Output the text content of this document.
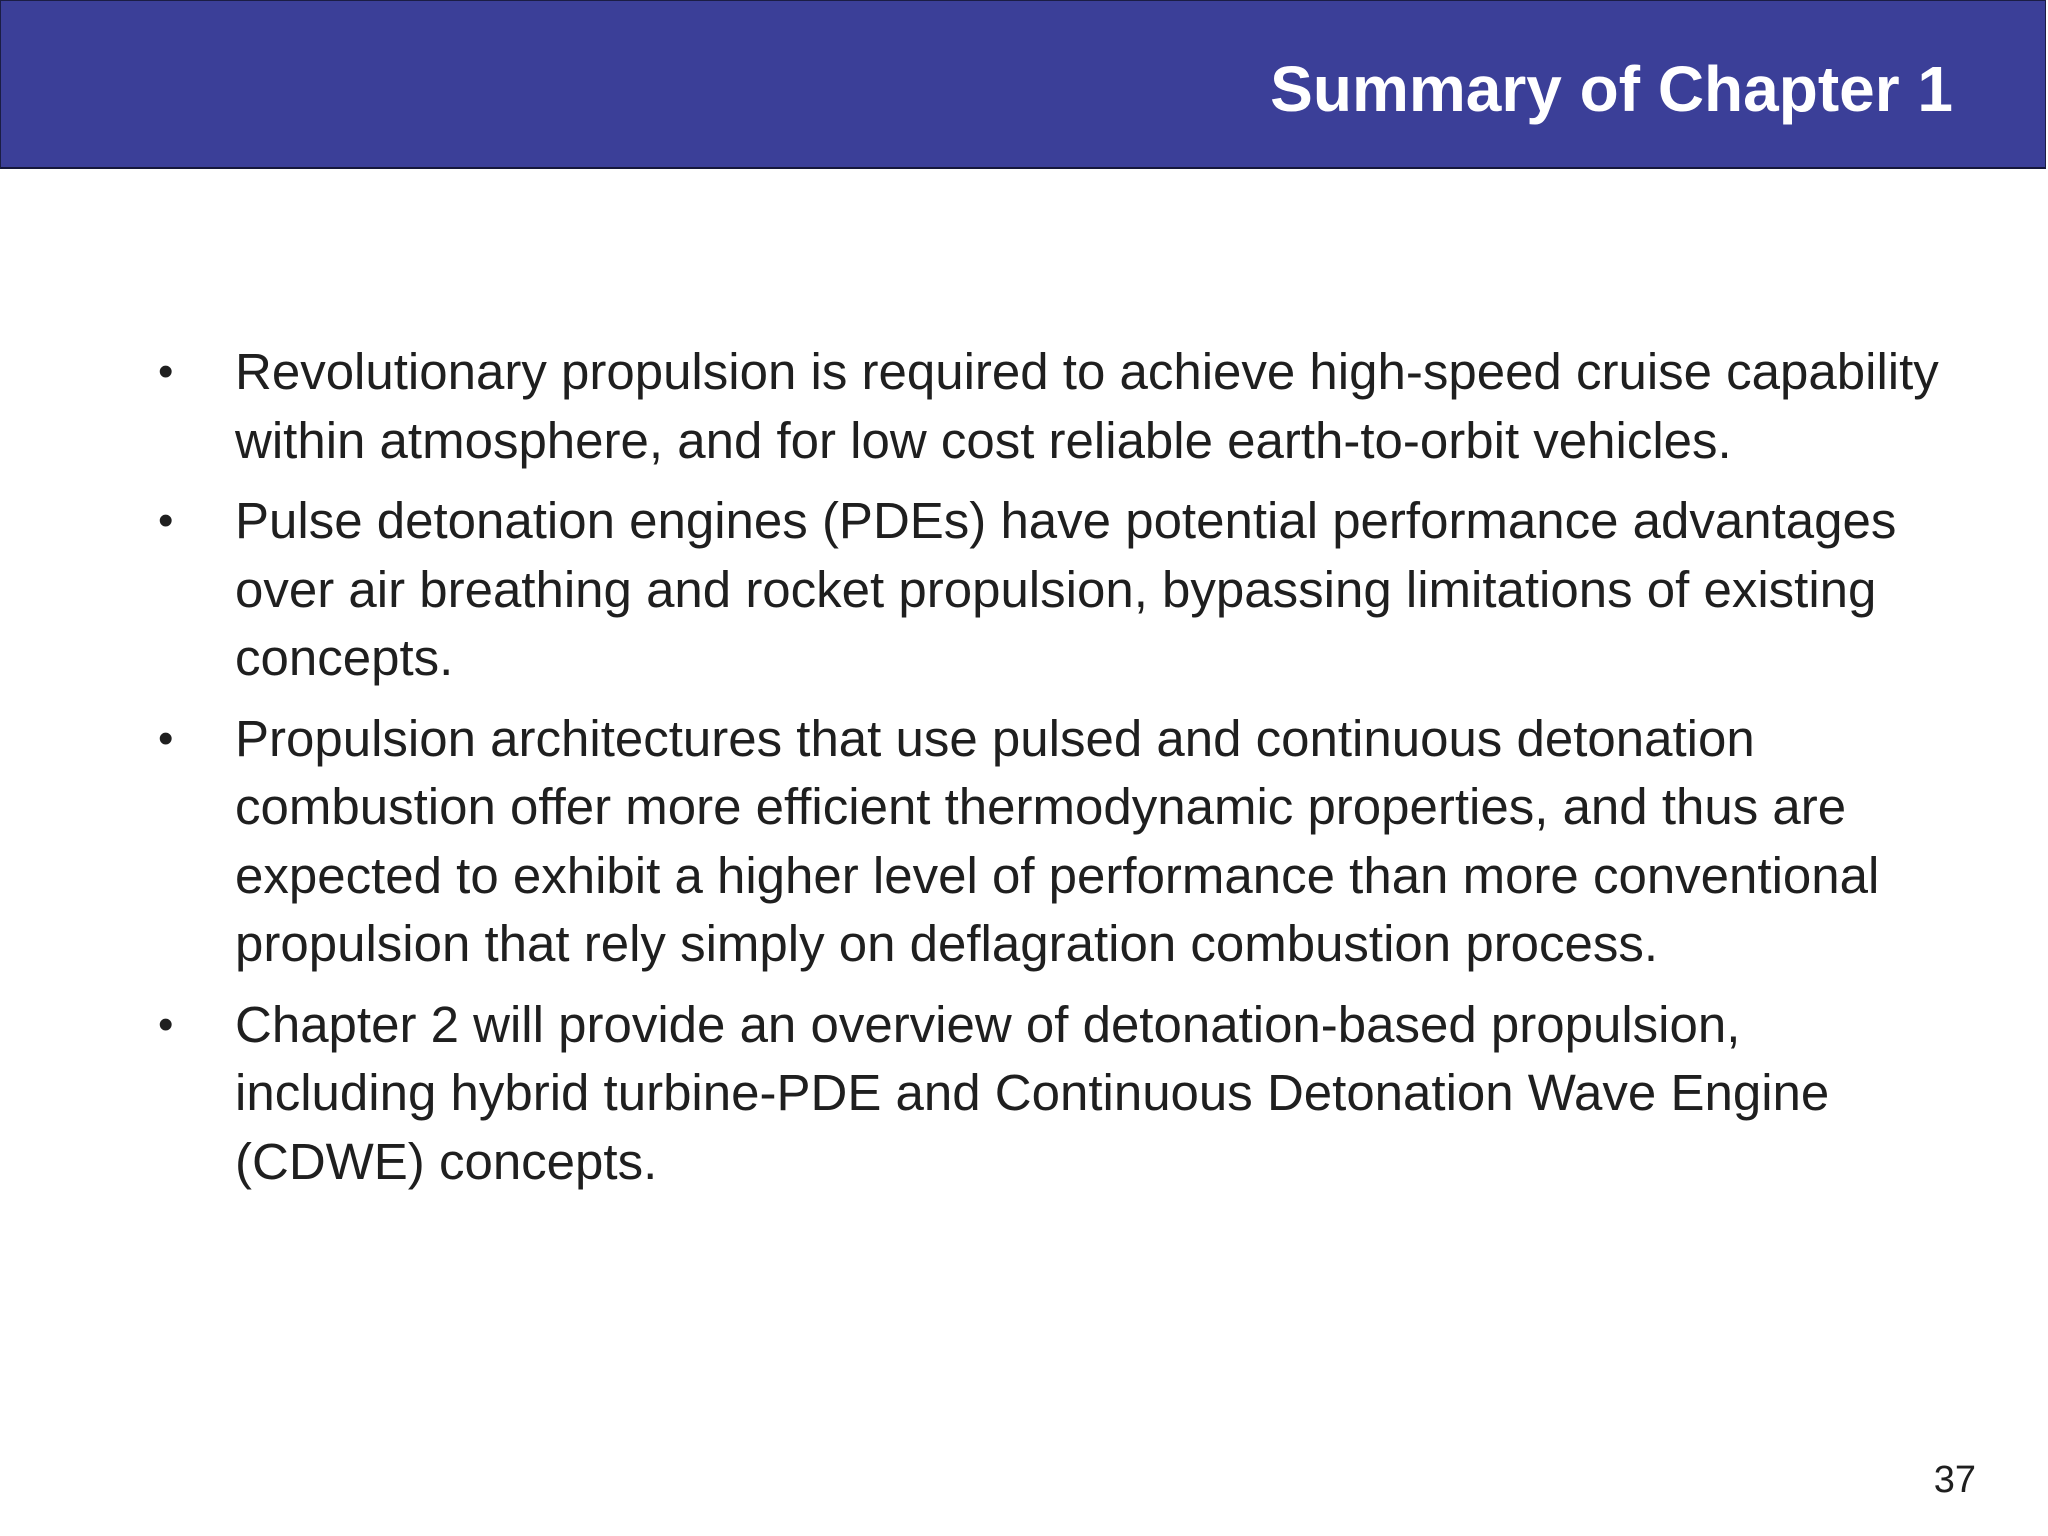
Summary of Chapter 1
• Revolutionary propulsion is required to achieve high-speed cruise capability within atmosphere, and for low cost reliable earth-to-orbit vehicles.
• Pulse detonation engines (PDEs) have potential performance advantages over air breathing and rocket propulsion, bypassing limitations of existing concepts.
• Propulsion architectures that use pulsed and continuous detonation combustion offer more efficient thermodynamic properties, and thus are expected to exhibit a higher level of performance than more conventional propulsion that rely simply on deflagration combustion process.
• Chapter 2 will provide an overview of detonation-based propulsion, including hybrid turbine-PDE and Continuous Detonation Wave Engine (CDWE) concepts.
37
